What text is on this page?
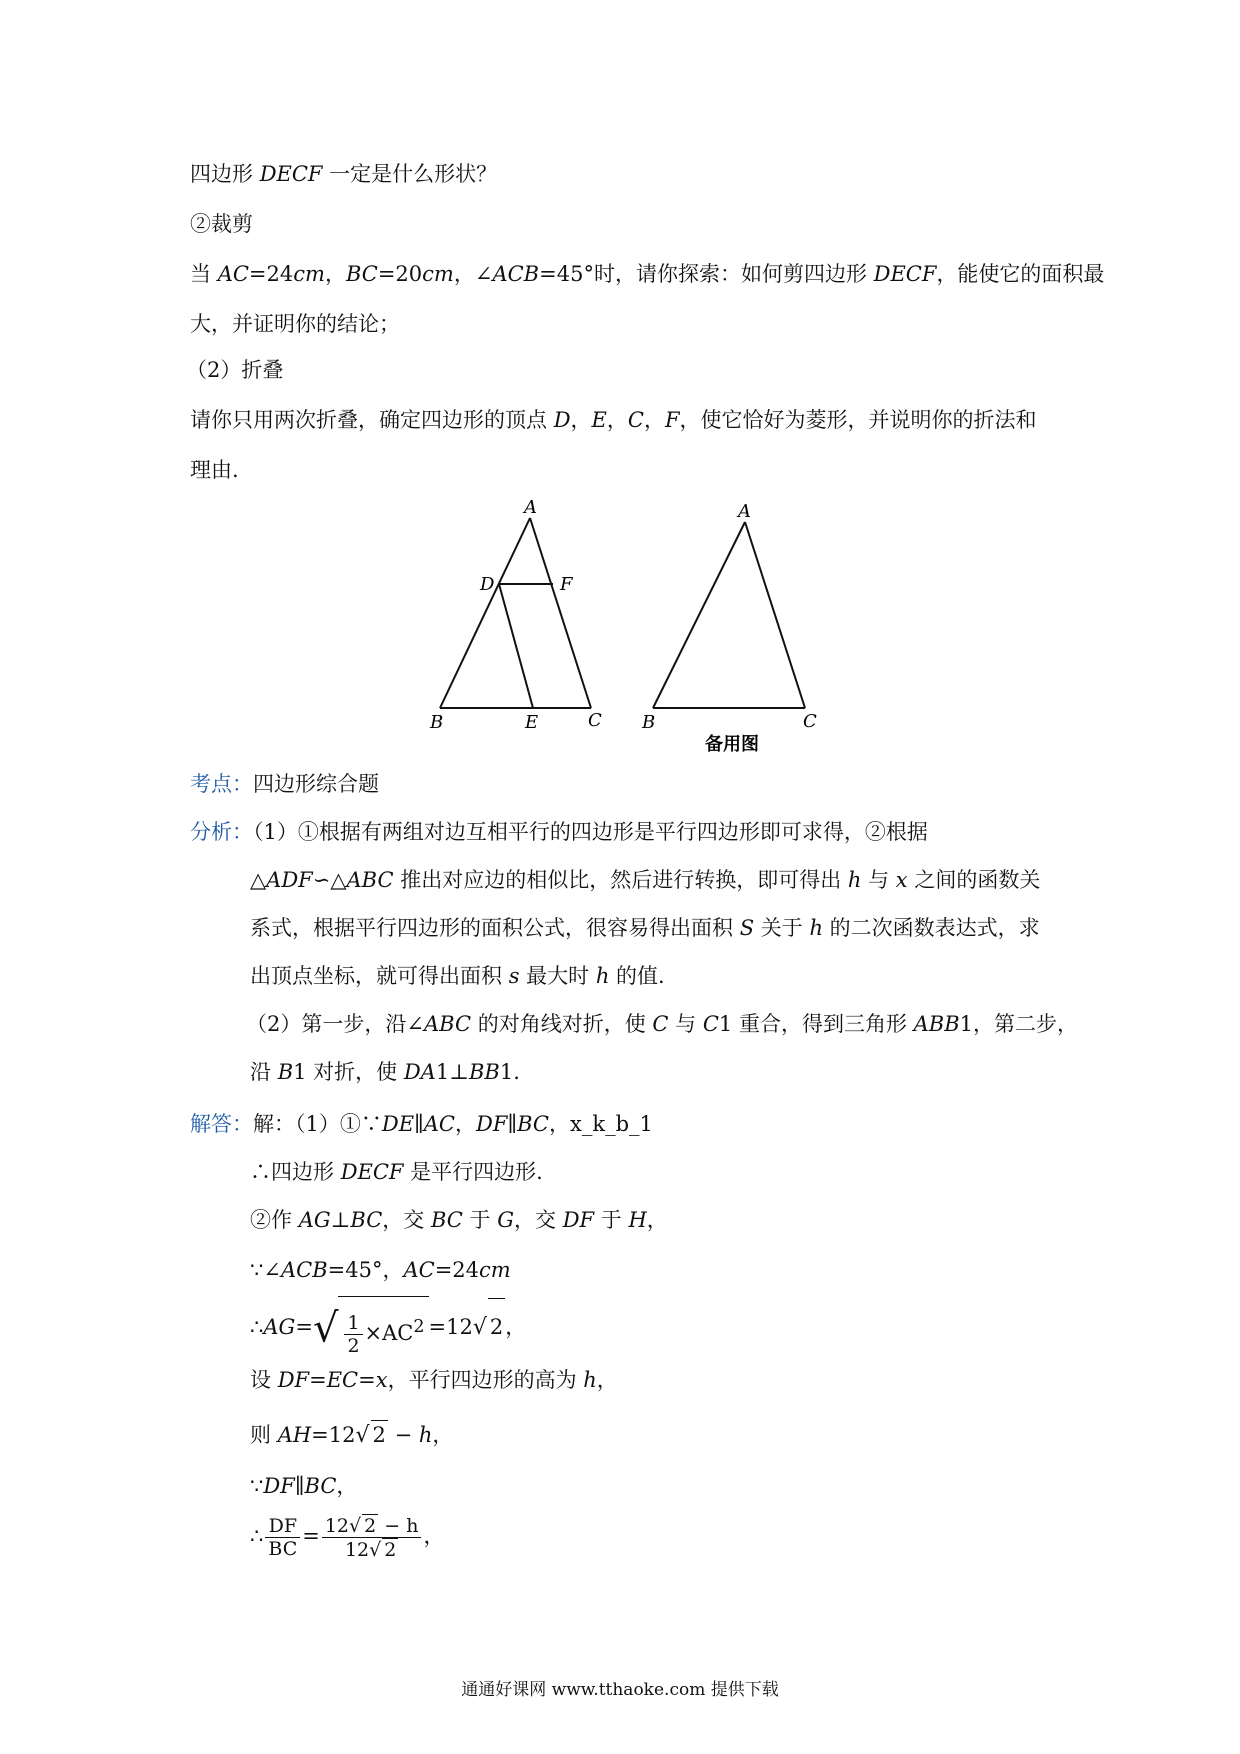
四边形 DECF 一定是什么形状？
②裁剪
当 AC=24cm，BC=20cm，∠ACB=45°时，请你探索：如何剪四边形 DECF，能使它的面积最
大，并证明你的结论；
（2）折叠
请你只用两次折叠，确定四边形的顶点 D，E，C，F，使它恰好为菱形，并说明你的折法和
理由.
A
D	F
B	E	C
A
B	C
备用图
考点：四边形综合题
分析：（1）①根据有两组对边互相平行的四边形是平行四边形即可求得，②根据
△ADF∽△ABC 推出对应边的相似比，然后进行转换，即可得出 h 与 x 之间的函数关
系式，根据平行四边形的面积公式，很容易得出面积 S 关于 h 的二次函数表达式，求
出顶点坐标，就可得出面积 s 最大时 h 的值.
（2）第一步，沿∠ABC 的对角线对折，使 C 与 C1 重合，得到三角形 ABB1，第二步，
沿 B1 对折，使 DA1⊥BB1.
解答：解：（1）①∵DE∥AC，DF∥BC，x_k_b_1
∴四边形 DECF 是平行四边形.
②作 AG⊥BC，交 BC 于 G，交 DF 于 H，
∵∠ACB=45°，AC=24cm
∴AG=√ $\frac{1}{2} \times AC^2 =12√$ 2，
设 DF=EC=x，平行四边形的高为 h，
则 AH=12√ 2 − h，
∵DF∥BC，
∴ $\frac{DF}{BC} = \frac{12√ 2 - h}{12√ 2}$ ，
通通好课网 www.tthaoke.com 提供下载
